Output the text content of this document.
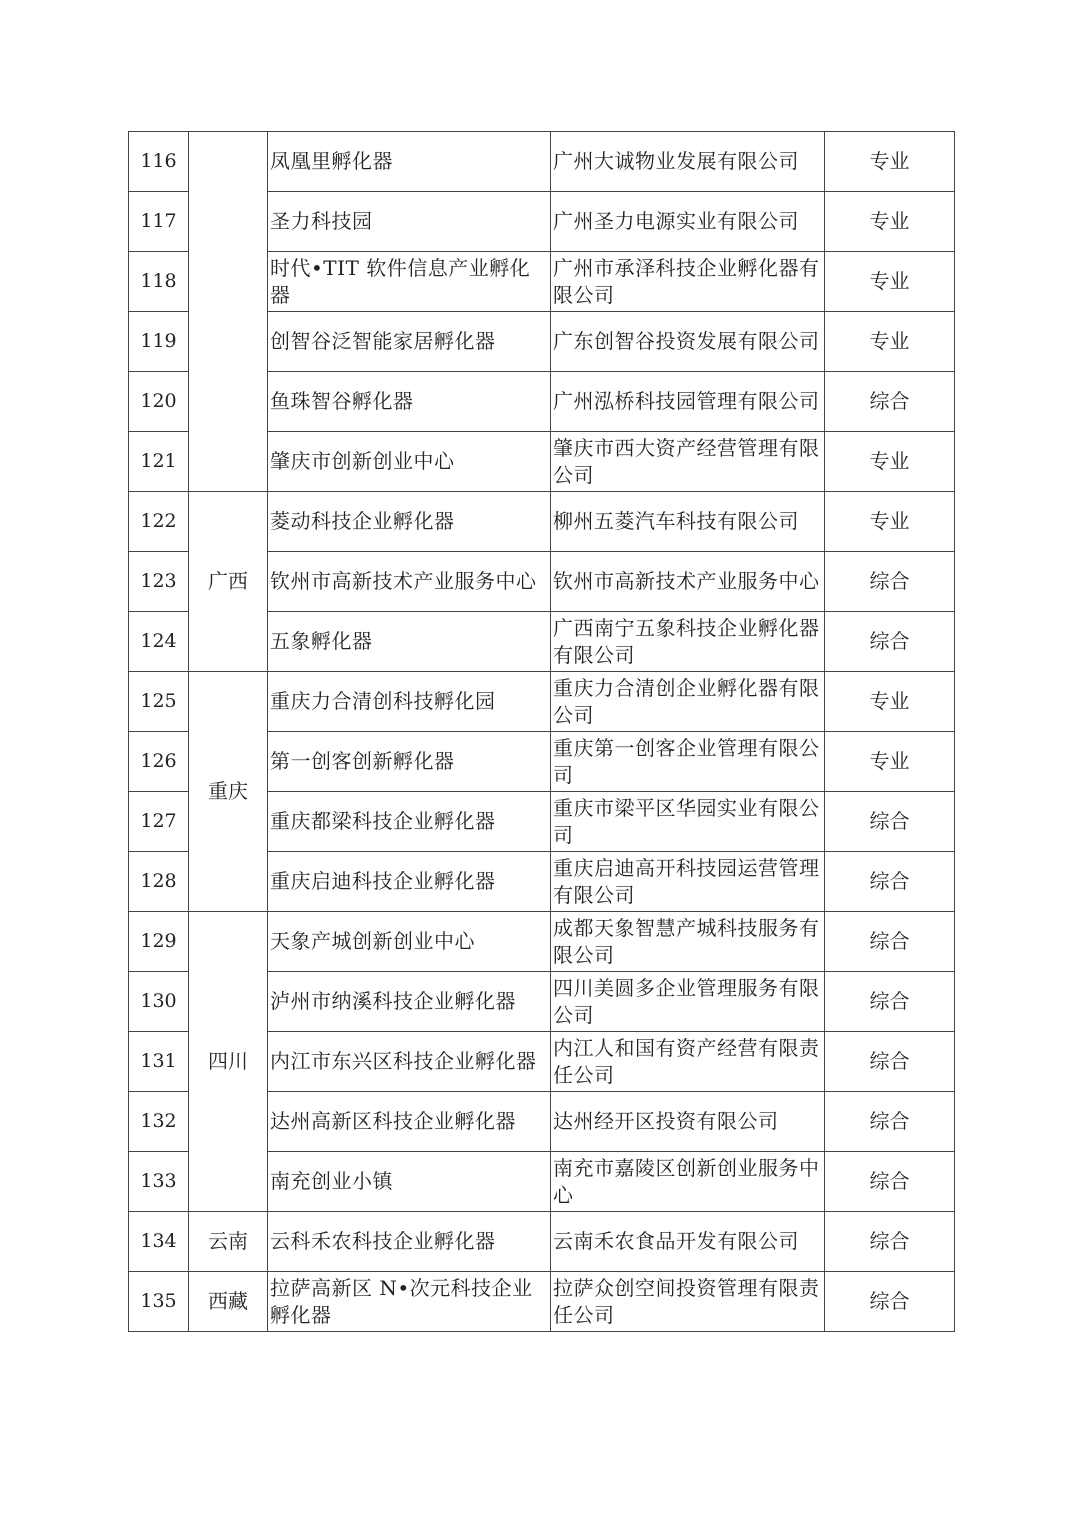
116		凤凰里孵化器	广州大诚物业发展有限公司	专业
117		圣力科技园	广州圣力电源实业有限公司	专业
118		时代•TIT 软件信息产业孵化器	广州市承泽科技企业孵化器有限公司	专业
119		创智谷泛智能家居孵化器	广东创智谷投资发展有限公司	专业
120		鱼珠智谷孵化器	广州泓桥科技园管理有限公司	综合
121		肇庆市创新创业中心	肇庆市西大资产经营管理有限公司	专业
122	广西	菱动科技企业孵化器	柳州五菱汽车科技有限公司	专业
123		钦州市高新技术产业服务中心	钦州市高新技术产业服务中心	综合
124		五象孵化器	广西南宁五象科技企业孵化器有限公司	综合
125	重庆	重庆力合清创科技孵化园	重庆力合清创企业孵化器有限公司	专业
126		第一创客创新孵化器	重庆第一创客企业管理有限公司	专业
127		重庆都梁科技企业孵化器	重庆市梁平区华园实业有限公司	综合
128		重庆启迪科技企业孵化器	重庆启迪高开科技园运营管理有限公司	综合
129	四川	天象产城创新创业中心	成都天象智慧产城科技服务有限公司	综合
130		泸州市纳溪科技企业孵化器	四川美圆多企业管理服务有限公司	综合
131		内江市东兴区科技企业孵化器	内江人和国有资产经营有限责任公司	综合
132		达州高新区科技企业孵化器	达州经开区投资有限公司	综合
133		南充创业小镇	南充市嘉陵区创新创业服务中心	综合
134	云南	云科禾农科技企业孵化器	云南禾农食品开发有限公司	综合
135	西藏	拉萨高新区 N•次元科技企业孵化器	拉萨众创空间投资管理有限责任公司	综合
